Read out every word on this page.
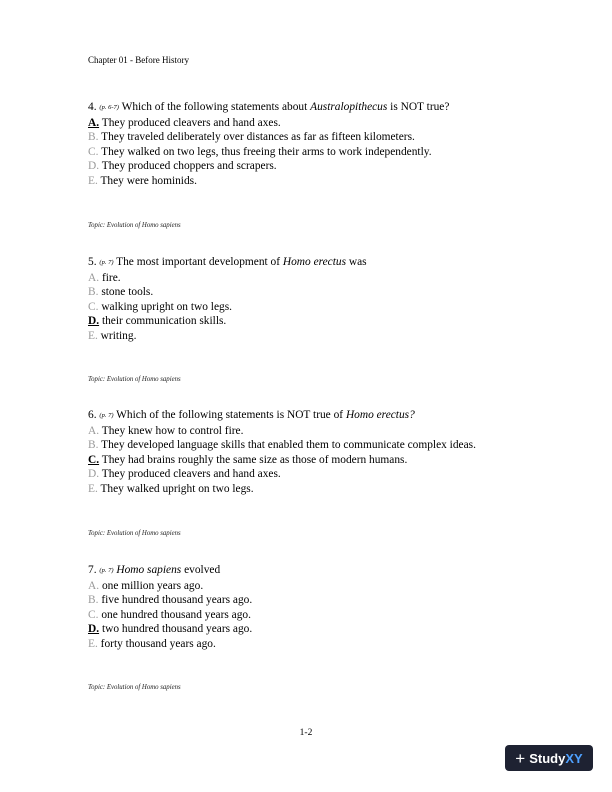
Chapter 01 - Before History

4. (p. 6-7) Which of the following statements about Australopithecus is NOT true?

A. They produced cleavers and hand axes.

B. They traveled deliberately over distances as far as fifteen kilometers.

C. They walked on two legs, thus freeing their arms to work independently.

D. They produced choppers and scrapers.

E. They were hominids.

Topic: Evolution of Homo sapiens

5. (p. 7) The most important development of Homo erectus was

A. fire.

B. stone tools.

C. walking upright on two legs.

D. their communication skills.

E. writing.

Topic: Evolution of Homo sapiens

6. (p. 7) Which of the following statements is NOT true of Homo erectus?

A. They knew how to control fire.

B. They developed language skills that enabled them to communicate complex ideas.

C. They had brains roughly the same size as those of modern humans.

D. They produced cleavers and hand axes.

E. They walked upright on two legs.

Topic: Evolution of Homo sapiens

7. (p. 7) Homo sapiens evolved

A. one million years ago.

B. five hundred thousand years ago.

C. one hundred thousand years ago.

D. two hundred thousand years ago.

E. forty thousand years ago.

Topic: Evolution of Homo sapiens
1-2
+ Study XY
